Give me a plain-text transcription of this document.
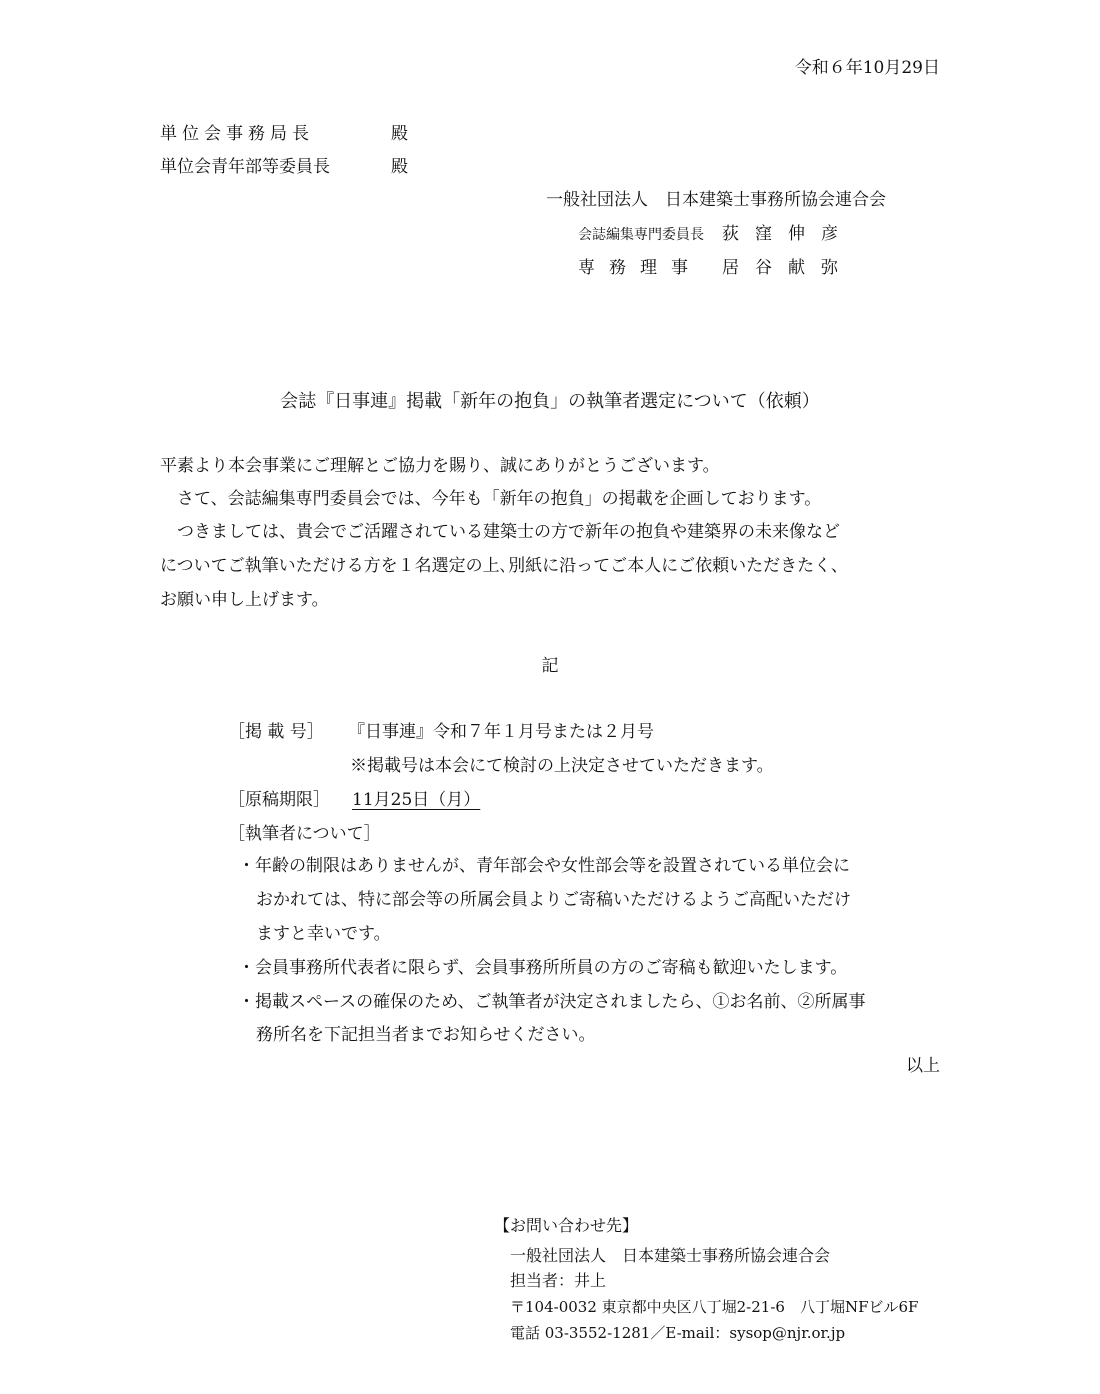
令和６年10月29日
単位会事務局長	殿
単位会青年部等委員長	殿
一般社団法人　日本建築士事務所協会連合会
会誌編集専門委員長 荻窪伸彦
専務理事 居谷献弥
会誌『日事連』掲載「新年の抱負」の執筆者選定について（依頼）
平素より本会事業にご理解とご協力を賜り、誠にありがとうございます。
　さて、会誌編集専門委員会では、今年も「新年の抱負」の掲載を企画しております。
　つきましては、貴会でご活躍されている建築士の方で新年の抱負や建築界の未来像など
についてご執筆いただける方を１名選定の上､別紙に沿ってご本人にご依頼いただきたく、
お願い申し上げます。
記
［掲 載 号］ 『日事連』令和７年１月号または２月号
※掲載号は本会にて検討の上決定させていただきます。
［原稿期限］ 11月25日（月）
［執筆者について］
・年齢の制限はありませんが、青年部会や女性部会等を設置されている単位会に
おかれては、特に部会等の所属会員よりご寄稿いただけるようご高配いただけ
ますと幸いです。
・会員事務所代表者に限らず、会員事務所所員の方のご寄稿も歓迎いたします。
・掲載スペースの確保のため、ご執筆者が決定されましたら、①お名前、②所属事
務所名を下記担当者までお知らせください。
以上
【お問い合わせ先】
一般社団法人　日本建築士事務所協会連合会
担当者：井上
〒104-0032 東京都中央区八丁堀2-21-6　八丁堀NFビル6F
電話 03-3552-1281／E-mail：sysop@njr.or.jp
